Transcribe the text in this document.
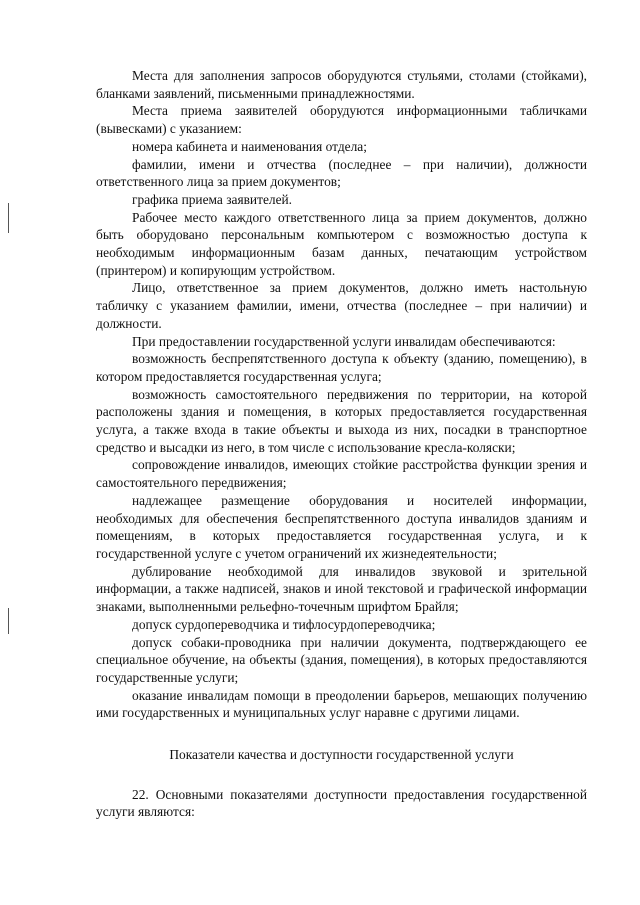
Места для заполнения запросов оборудуются стульями, столами (стойками), бланками заявлений, письменными принадлежностями.

Места приема заявителей оборудуются информационными табличками (вывесками) с указанием:

номера кабинета и наименования отдела;

фамилии, имени и отчества (последнее – при наличии), должности ответственного лица за прием документов;

графика приема заявителей.

Рабочее место каждого ответственного лица за прием документов, должно быть оборудовано персональным компьютером с возможностью доступа к необходимым информационным базам данных, печатающим устройством (принтером) и копирующим устройством.

Лицо, ответственное за прием документов, должно иметь настольную табличку с указанием фамилии, имени, отчества (последнее – при наличии) и должности.

При предоставлении государственной услуги инвалидам обеспечиваются:

возможность беспрепятственного доступа к объекту (зданию, помещению), в котором предоставляется государственная услуга;

возможность самостоятельного передвижения по территории, на которой расположены здания и помещения, в которых предоставляется государственная услуга, а также входа в такие объекты и выхода из них, посадки в транспортное средство и высадки из него, в том числе с использование кресла-коляски;

сопровождение инвалидов, имеющих стойкие расстройства функции зрения и самостоятельного передвижения;

надлежащее размещение оборудования и носителей информации, необходимых для обеспечения беспрепятственного доступа инвалидов зданиям и помещениям, в которых предоставляется государственная услуга, и к государственной услуге с учетом ограничений их жизнедеятельности;

дублирование необходимой для инвалидов звуковой и зрительной информации, а также надписей, знаков и иной текстовой и графической информации знаками, выполненными рельефно-точечным шрифтом Брайля;

допуск сурдопереводчика и тифлосурдопереводчика;

допуск собаки-проводника при наличии документа, подтверждающего ее специальное обучение, на объекты (здания, помещения), в которых предоставляются государственные услуги;

оказание инвалидам помощи в преодолении барьеров, мешающих получению ими государственных и муниципальных услуг наравне с другими лицами.

Показатели качества и доступности государственной услуги

22. Основными показателями доступности предоставления государственной услуги являются:
